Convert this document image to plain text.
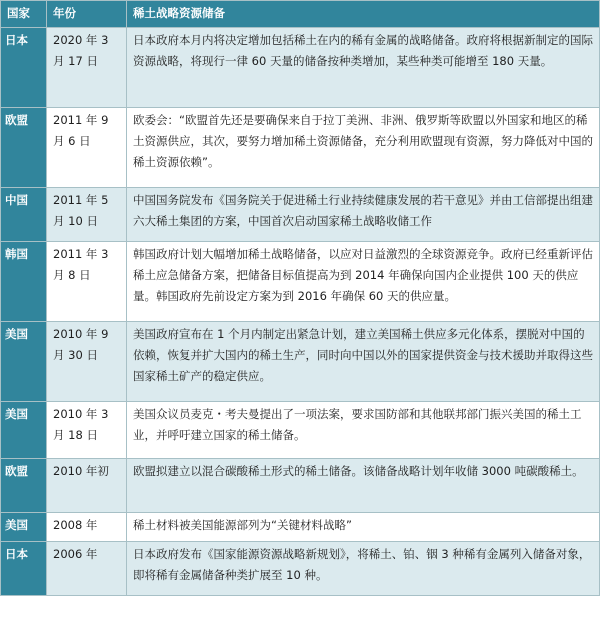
国家	年份	稀土战略资源储备
日本	2020 年 3 月 17 日	日本政府本月内将决定增加包括稀土在内的稀有金属的战略储备。政府将根据新制定的国际资源战略，将现行一律 60 天量的储备按种类增加，某些种类可能增至 180 天量。
欧盟	2011 年 9 月 6 日	欧委会：“欧盟首先还是要确保来自于拉丁美洲、非洲、俄罗斯等欧盟以外国家和地区的稀土资源供应，其次，要努力增加稀土资源储备，充分利用欧盟现有资源，努力降低对中国的稀土资源依赖”。
中国	2011 年 5 月 10 日	中国国务院发布《国务院关于促进稀土行业持续健康发展的若干意见》并由工信部提出组建六大稀土集团的方案，中国首次启动国家稀土战略收储工作
韩国	2011 年 3 月 8 日	韩国政府计划大幅增加稀土战略储备，以应对日益激烈的全球资源竞争。政府已经重新评估稀土应急储备方案，把储备目标值提高为到 2014 年确保向国内企业提供 100 天的供应量。韩国政府先前设定方案为到 2016 年确保 60 天的供应量。
美国	2010 年 9 月 30 日	美国政府宣布在 1 个月内制定出紧急计划，建立美国稀土供应多元化体系，摆脱对中国的依赖，恢复并扩大国内的稀土生产，同时向中国以外的国家提供资金与技术援助并取得这些国家稀土矿产的稳定供应。
美国	2010 年 3 月 18 日	美国众议员麦克・考夫曼提出了一项法案，要求国防部和其他联邦部门振兴美国的稀土工业，并呼吁建立国家的稀土储备。
欧盟	2010 年初	欧盟拟建立以混合碳酸稀土形式的稀土储备。该储备战略计划年收储 3000 吨碳酸稀土。
美国	2008 年	稀土材料被美国能源部列为“关键材料战略”
日本	2006 年	日本政府发布《国家能源资源战略新规划》，将稀土、铂、铟 3 种稀有金属列入储备对象，即将稀有金属储备种类扩展至 10 种。
